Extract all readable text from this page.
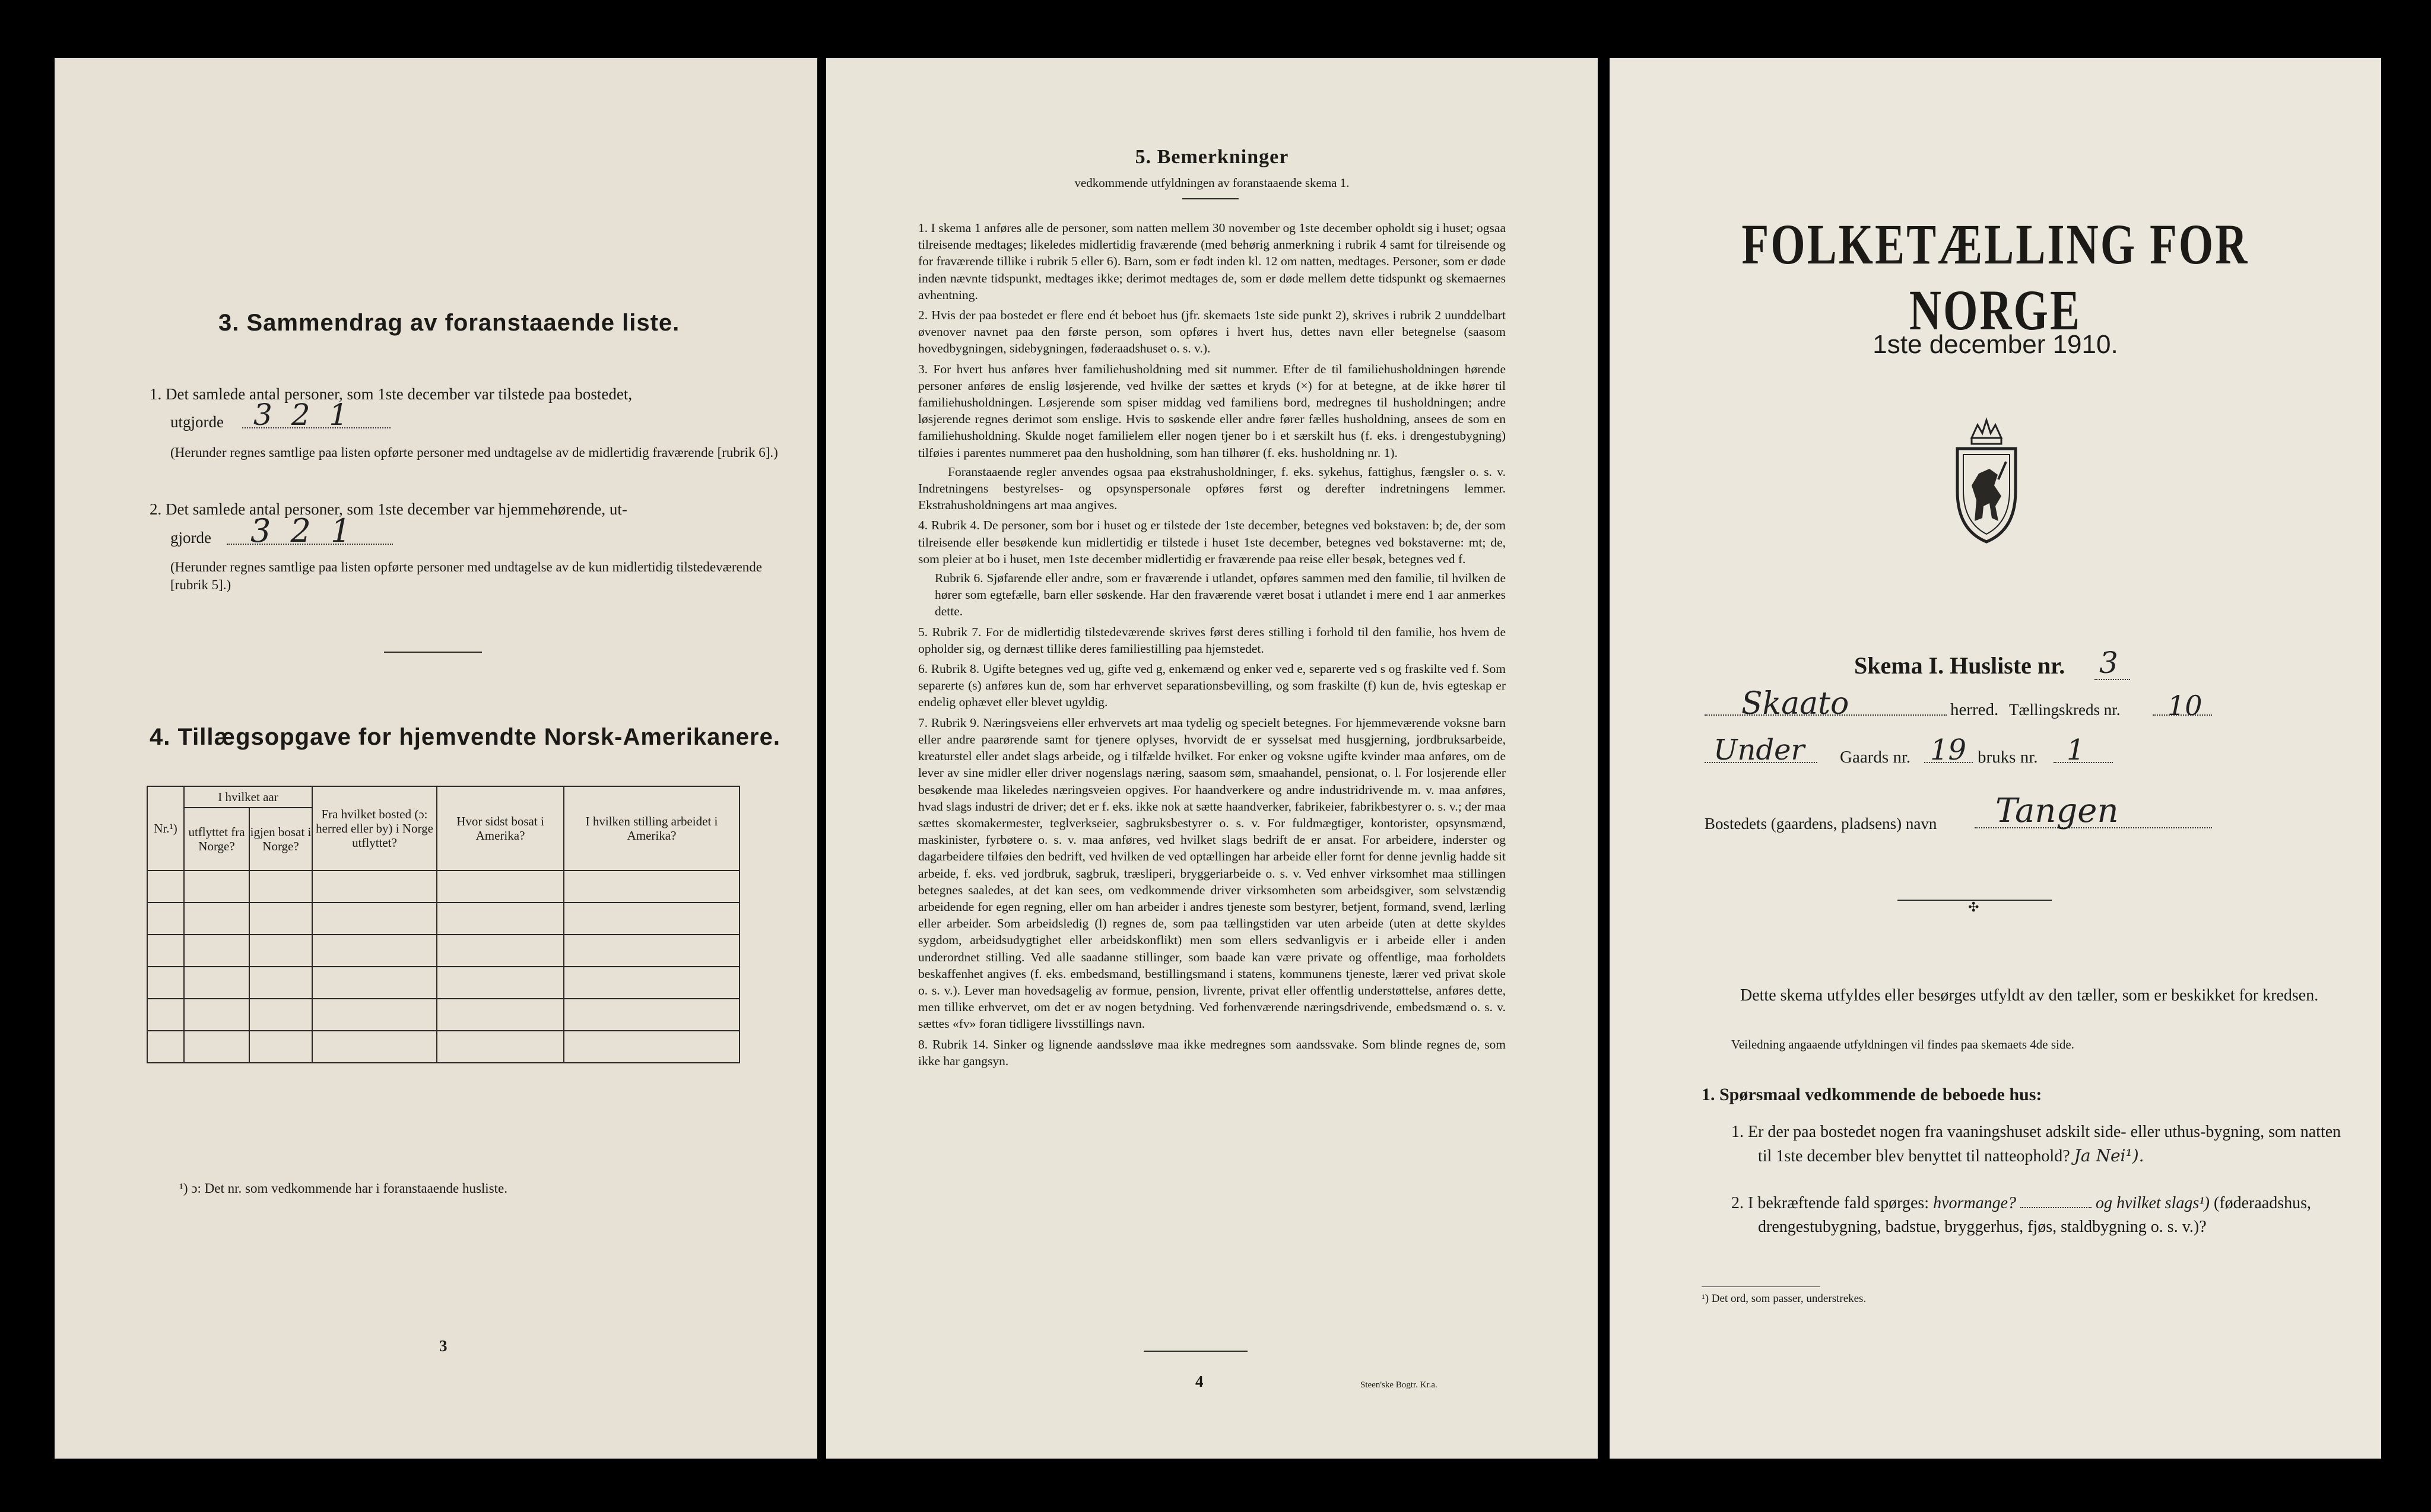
3. Sammendrag av foranstaaende liste.
1. Det samlede antal personer, som 1ste december var tilstede paa bostedet,
utgjorde 3 2 1
(Herunder regnes samtlige paa listen opførte personer med undtagelse av de midlertidig fraværende [rubrik 6].)
2. Det samlede antal personer, som 1ste december var hjemmehørende, ut-
gjorde 3 2 1
(Herunder regnes samtlige paa listen opførte personer med undtagelse av de kun midlertidig tilstedeværende [rubrik 5].)
4. Tillægsopgave for hjemvendte Norsk-Amerikanere.
Nr.¹)	I hvilket aar		Fra hvilket bosted (ɔ: herred eller by) i Norge utflyttet?	Hvor sidst bosat i Amerika?	I hvilken stilling arbeidet i Amerika?
	utflyttet fra Norge?	igjen bosat i Norge?			

¹) ɔ: Det nr. som vedkommende har i foranstaaende husliste.
3
5. Bemerkninger
vedkommende utfyldningen av foranstaaende skema 1.
1. I skema 1 anføres alle de personer, som natten mellem 30 november og 1ste december opholdt sig i huset; ogsaa tilreisende medtages; likeledes midlertidig fraværende (med behørig anmerkning i rubrik 4 samt for tilreisende og for fraværende tillike i rubrik 5 eller 6). Barn, som er født inden kl. 12 om natten, medtages. Personer, som er døde inden nævnte tidspunkt, medtages ikke; derimot medtages de, som er døde mellem dette tidspunkt og skemaernes avhentning.
2. Hvis der paa bostedet er flere end ét beboet hus (jfr. skemaets 1ste side punkt 2), skrives i rubrik 2 uunddelbart øvenover navnet paa den første person, som opføres i hvert hus, dettes navn eller betegnelse (saasom hovedbygningen, sidebygningen, føderaadshuset o. s. v.).
3. For hvert hus anføres hver familiehusholdning med sit nummer. Efter de til familiehusholdningen hørende personer anføres de enslig løsjerende, ved hvilke der sættes et kryds (×) for at betegne, at de ikke hører til familiehusholdningen. Løsjerende som spiser middag ved familiens bord, medregnes til husholdningen; andre løsjerende regnes derimot som enslige. Hvis to søskende eller andre fører fælles husholdning, ansees de som en familiehusholdning. Skulde noget familielem eller nogen tjener bo i et særskilt hus (f. eks. i drengestubygning) tilføies i parentes nummeret paa den husholdning, som han tilhører (f. eks. husholdning nr. 1).
Foranstaaende regler anvendes ogsaa paa ekstrahusholdninger, f. eks. sykehus, fattighus, fængsler o. s. v. Indretningens bestyrelses- og opsynspersonale opføres først og derefter indretningens lemmer. Ekstrahusholdningens art maa angives.
4. Rubrik 4. De personer, som bor i huset og er tilstede der 1ste december, betegnes ved bokstaven: b; de, der som tilreisende eller besøkende kun midlertidig er tilstede i huset 1ste december, betegnes ved bokstaverne: mt; de, som pleier at bo i huset, men 1ste december midlertidig er fraværende paa reise eller besøk, betegnes ved f.
Rubrik 6. Sjøfarende eller andre, som er fraværende i utlandet, opføres sammen med den familie, til hvilken de hører som egtefælle, barn eller søskende. Har den fraværende været bosat i utlandet i mere end 1 aar anmerkes dette.
5. Rubrik 7. For de midlertidig tilstedeværende skrives først deres stilling i forhold til den familie, hos hvem de opholder sig, og dernæst tillike deres familiestilling paa hjemstedet.
6. Rubrik 8. Ugifte betegnes ved ug, gifte ved g, enkemænd og enker ved e, separerte ved s og fraskilte ved f. Som separerte (s) anføres kun de, som har erhvervet separationsbevilling, og som fraskilte (f) kun de, hvis egteskap er endelig ophævet eller blevet ugyldig.
7. Rubrik 9. Næringsveiens eller erhvervets art maa tydelig og specielt betegnes. For hjemmeværende voksne barn eller andre paarørende samt for tjenere oplyses, hvorvidt de er sysselsat med husgjerning, jordbruksarbeide, kreaturstel eller andet slags arbeide, og i tilfælde hvilket. For enker og voksne ugifte kvinder maa anføres, om de lever av sine midler eller driver nogenslags næring, saasom søm, smaahandel, pensionat, o. l. For losjerende eller besøkende maa likeledes næringsveien opgives. For haandverkere og andre industridrivende m. v. maa anføres, hvad slags industri de driver; det er f. eks. ikke nok at sætte haandverker, fabrikeier, fabrikbestyrer o. s. v.; der maa sættes skomakermester, teglverkseier, sagbruksbestyrer o. s. v. For fuldmægtiger, kontorister, opsynsmænd, maskinister, fyrbøtere o. s. v. maa anføres, ved hvilket slags bedrift de er ansat. For arbeidere, inderster og dagarbeidere tilføies den bedrift, ved hvilken de ved optællingen har arbeide eller fornt for denne jevnlig hadde sit arbeide, f. eks. ved jordbruk, sagbruk, træsliperi, bryggeriarbeide o. s. v. Ved enhver virksomhet maa stillingen betegnes saaledes, at det kan sees, om vedkommende driver virksomheten som arbeidsgiver, som selvstændig arbeidende for egen regning, eller om han arbeider i andres tjeneste som bestyrer, betjent, formand, svend, lærling eller arbeider. Som arbeidsledig (l) regnes de, som paa tællingstiden var uten arbeide (uten at dette skyldes sygdom, arbeidsudygtighet eller arbeidskonflikt) men som ellers sedvanligvis er i arbeide eller i anden underordnet stilling. Ved alle saadanne stillinger, som baade kan være private og offentlige, maa forholdets beskaffenhet angives (f. eks. embedsmand, bestillingsmand i statens, kommunens tjeneste, lærer ved privat skole o. s. v.). Lever man hovedsagelig av formue, pension, livrente, privat eller offentlig understøttelse, anføres dette, men tillike erhvervet, om det er av nogen betydning. Ved forhenværende næringsdrivende, embedsmænd o. s. v. sættes «fv» foran tidligere livsstillings navn.
8. Rubrik 14. Sinker og lignende aandssløve maa ikke medregnes som aandssvake. Som blinde regnes de, som ikke har gangsyn.
4	Steen'ske Bogtr. Kr.a.
FOLKETÆLLING FOR NORGE
1ste december 1910.
Skema I. Husliste nr. 3
Skaato	herred. Tællingskreds nr. 10
Under Gaards nr. 19 bruks nr. 1
Bostedets (gaardens, pladsens) navn Tangen
✣
Dette skema utfyldes eller besørges utfyldt av den tæller, som er beskikket for kredsen.
Veiledning angaaende utfyldningen vil findes paa skemaets 4de side.
1. Spørsmaal vedkommende de beboede hus:
1. Er der paa bostedet nogen fra vaaningshuset adskilt side- eller uthus-bygning, som natten til 1ste december blev benyttet til natteophold? Ja Nei¹).
2. I bekræftende fald spørges: hvormange?	og hvilket slags¹) (føderaadshus, drengestubygning, badstue, bryggerhus, fjøs, staldbygning o. s. v.)?
¹) Det ord, som passer, understrekes.
